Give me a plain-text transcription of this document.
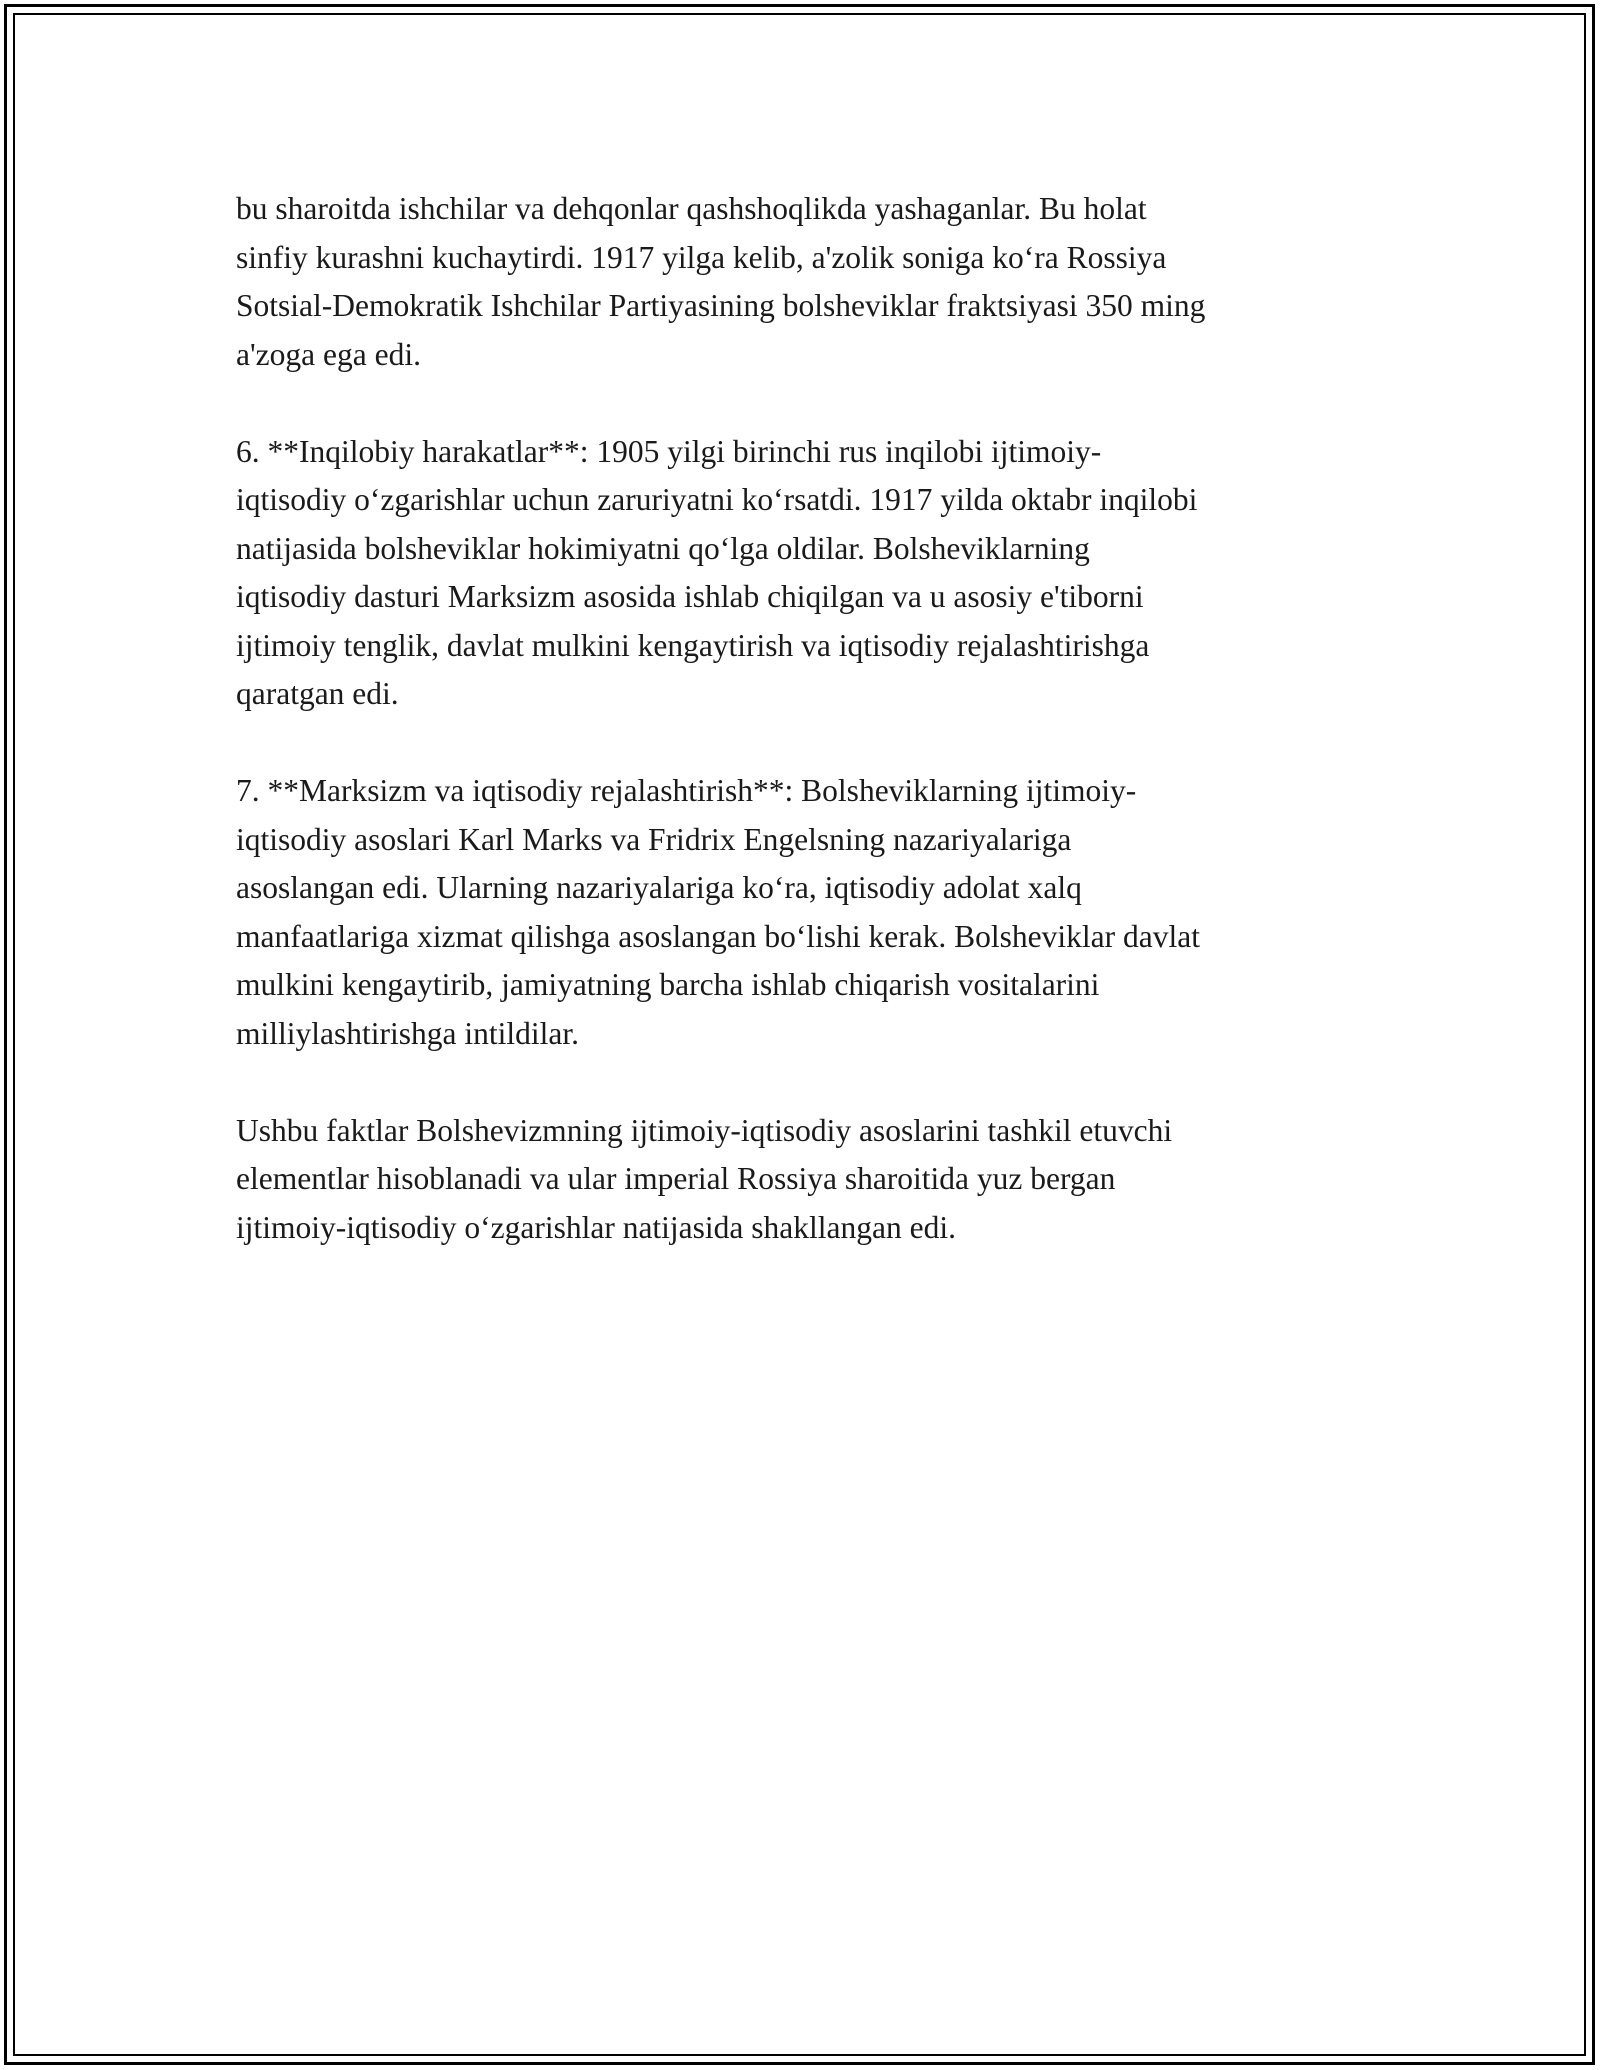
bu sharoitda ishchilar va dehqonlar qashshoqlikda yashaganlar. Bu holat
sinfiy kurashni kuchaytirdi. 1917 yilga kelib, a'zolik soniga ko‘ra Rossiya
Sotsial-Demokratik Ishchilar Partiyasining bolsheviklar fraktsiyasi 350 ming
a'zoga ega edi.

6. **Inqilobiy harakatlar**: 1905 yilgi birinchi rus inqilobi ijtimoiy-
iqtisodiy o‘zgarishlar uchun zaruriyatni ko‘rsatdi. 1917 yilda oktabr inqilobi
natijasida bolsheviklar hokimiyatni qo‘lga oldilar. Bolsheviklarning
iqtisodiy dasturi Marksizm asosida ishlab chiqilgan va u asosiy e'tiborni
ijtimoiy tenglik, davlat mulkini kengaytirish va iqtisodiy rejalashtirishga
qaratgan edi.

7. **Marksizm va iqtisodiy rejalashtirish**: Bolsheviklarning ijtimoiy-
iqtisodiy asoslari Karl Marks va Fridrix Engelsning nazariyalariga
asoslangan edi. Ularning nazariyalariga ko‘ra, iqtisodiy adolat xalq
manfaatlariga xizmat qilishga asoslangan bo‘lishi kerak. Bolsheviklar davlat
mulkini kengaytirib, jamiyatning barcha ishlab chiqarish vositalarini
milliylashtirishga intildilar.

Ushbu faktlar Bolshevizmning ijtimoiy-iqtisodiy asoslarini tashkil etuvchi
elementlar hisoblanadi va ular imperial Rossiya sharoitida yuz bergan
ijtimoiy-iqtisodiy o‘zgarishlar natijasida shakllangan edi.
